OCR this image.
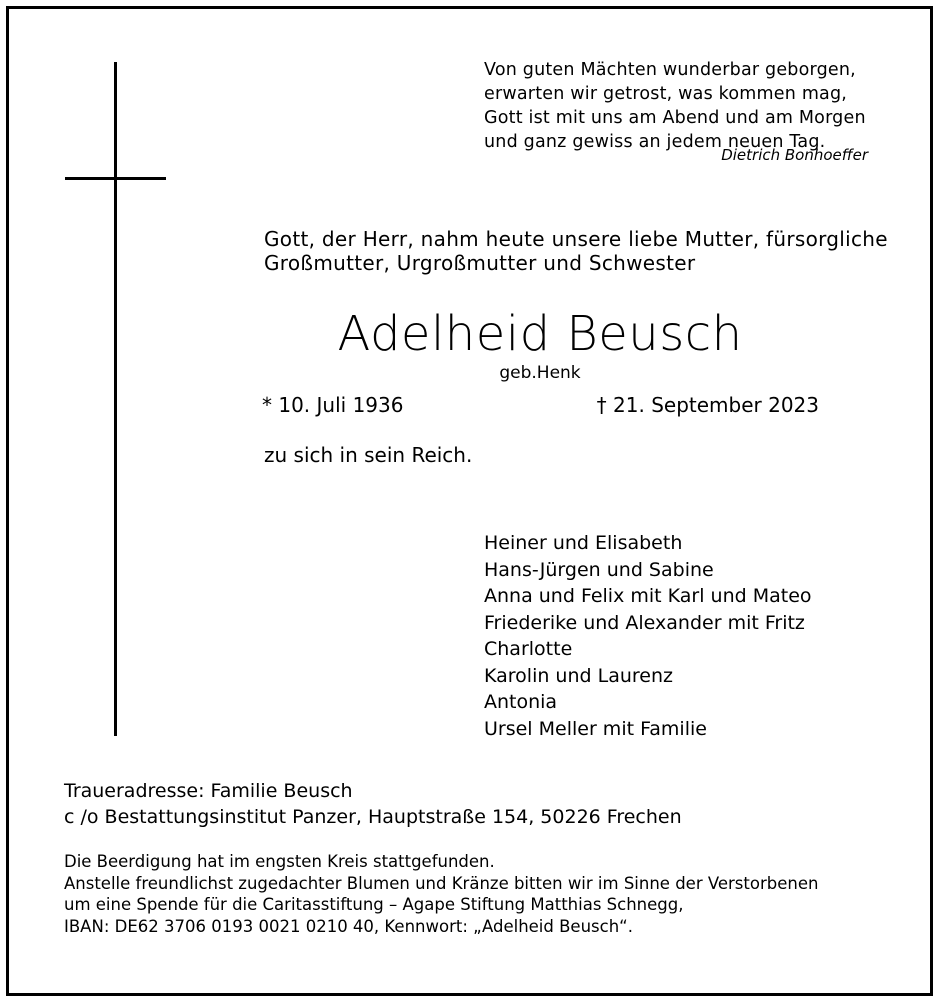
Von guten Mächten wunderbar geborgen,
erwarten wir getrost, was kommen mag,
Gott ist mit uns am Abend und am Morgen
und ganz gewiss an jedem neuen Tag.
Dietrich Bonhoeffer
Gott, der Herr, nahm heute unsere liebe Mutter, fürsorgliche
Großmutter, Urgroßmutter und Schwester
Adelheid Beusch
geb.Henk
* 10. Juli 1936	† 21. September 2023
zu sich in sein Reich.
Heiner und Elisabeth
Hans-Jürgen und Sabine
Anna und Felix mit Karl und Mateo
Friederike und Alexander mit Fritz
Charlotte
Karolin und Laurenz
Antonia
Ursel Meller mit Familie
Traueradresse: Familie Beusch
c /o Bestattungsinstitut Panzer, Hauptstraße 154, 50226 Frechen
Die Beerdigung hat im engsten Kreis stattgefunden.
Anstelle freundlichst zugedachter Blumen und Kränze bitten wir im Sinne der Verstorbenen
um eine Spende für die Caritasstiftung – Agape Stiftung Matthias Schnegg,
IBAN: DE62 3706 0193 0021 0210 40, Kennwort: „Adelheid Beusch“.
